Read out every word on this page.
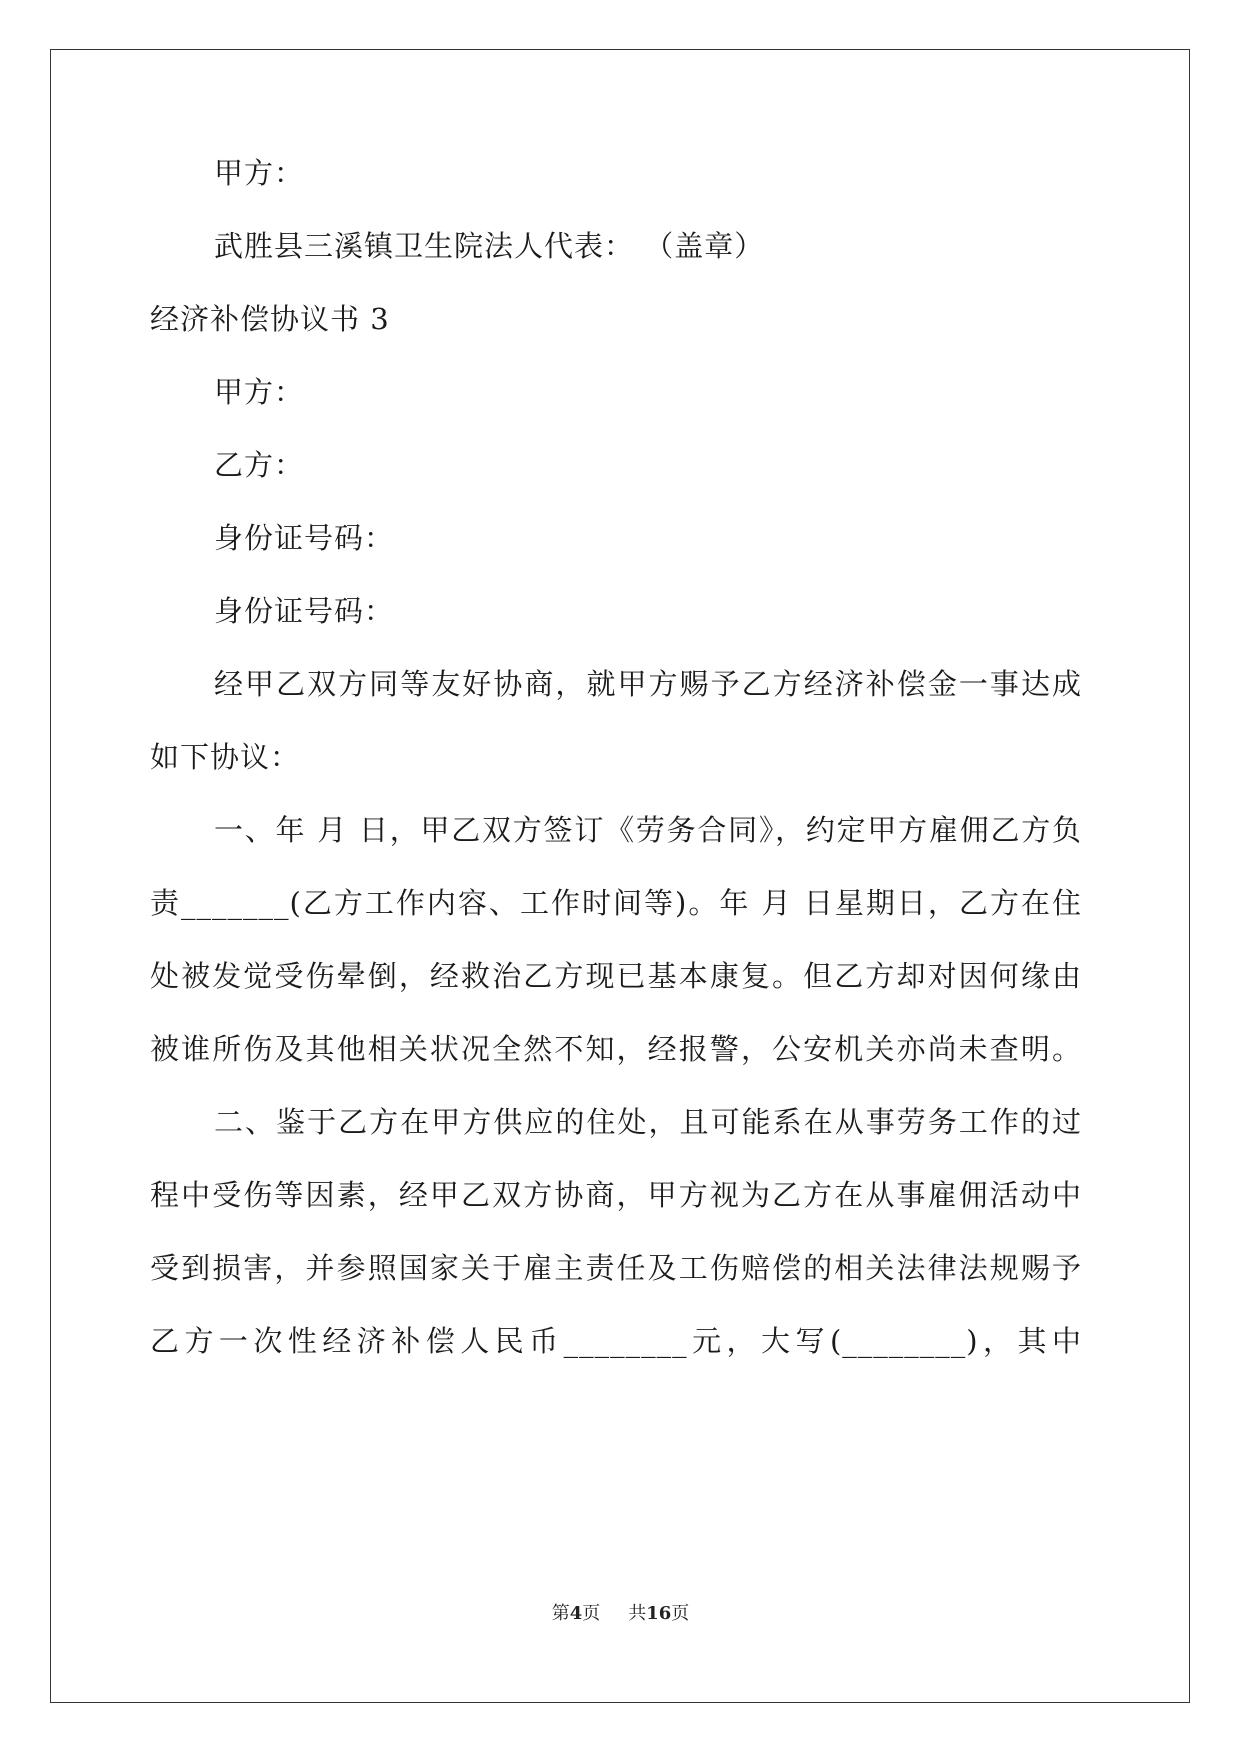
甲方：
武胜县三溪镇卫生院法人代表： （盖章）
经济补偿协议书 3
甲方：
乙方：
身份证号码：
身份证号码：
经甲乙双方同等友好协商，就甲方赐予乙方经济补偿金一事达成
如下协议：
一、年 月 日，甲乙双方签订《劳务合同》，约定甲方雇佣乙方负
责_______(乙方工作内容、工作时间等)。年 月 日星期日，乙方在住
处被发觉受伤晕倒，经救治乙方现已基本康复。但乙方却对因何缘由
被谁所伤及其他相关状况全然不知，经报警，公安机关亦尚未查明。
二、鉴于乙方在甲方供应的住处，且可能系在从事劳务工作的过
程中受伤等因素，经甲乙双方协商，甲方视为乙方在从事雇佣活动中
受到损害，并参照国家关于雇主责任及工伤赔偿的相关法律法规赐予
乙方一次性经济补偿人民币________元，大写(________)，其中
第4页 共16页
